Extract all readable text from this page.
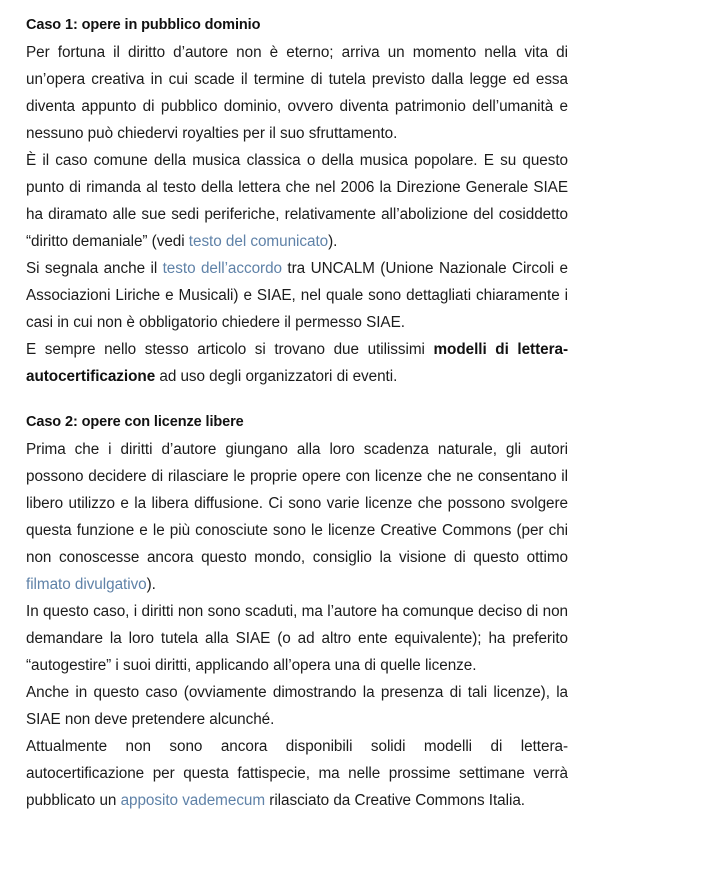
Caso 1: opere in pubblico dominio

Per fortuna il diritto d’autore non è eterno; arriva un momento nella vita di un’opera creativa in cui scade il termine di tutela previsto dalla legge ed essa diventa appunto di pubblico dominio, ovvero diventa patrimonio dell’umanità e nessuno può chiedervi royalties per il suo sfruttamento.

È il caso comune della musica classica o della musica popolare. E su questo punto di rimanda al testo della lettera che nel 2006 la Direzione Generale SIAE ha diramato alle sue sedi periferiche, relativamente all’abolizione del cosiddetto “diritto demaniale” (vedi testo del comunicato).

Si segnala anche il testo dell’accordo tra UNCALM (Unione Nazionale Circoli e Associazioni Liriche e Musicali) e SIAE, nel quale sono dettagliati chiaramente i casi in cui non è obbligatorio chiedere il permesso SIAE.

E sempre nello stesso articolo si trovano due utilissimi modelli di lettera-autocertificazione ad uso degli organizzatori di eventi.

Caso 2: opere con licenze libere

Prima che i diritti d’autore giungano alla loro scadenza naturale, gli autori possono decidere di rilasciare le proprie opere con licenze che ne consentano il libero utilizzo e la libera diffusione. Ci sono varie licenze che possono svolgere questa funzione e le più conosciute sono le licenze Creative Commons (per chi non conoscesse ancora questo mondo, consiglio la visione di questo ottimo filmato divulgativo).

In questo caso, i diritti non sono scaduti, ma l’autore ha comunque deciso di non demandare la loro tutela alla SIAE (o ad altro ente equivalente); ha preferito “autogestire” i suoi diritti, applicando all’opera una di quelle licenze.

Anche in questo caso (ovviamente dimostrando la presenza di tali licenze), la SIAE non deve pretendere alcunché.

Attualmente non sono ancora disponibili solidi modelli di lettera-autocertificazione per questa fattispecie, ma nelle prossime settimane verrà pubblicato un apposito vademecum rilasciato da Creative Commons Italia.
